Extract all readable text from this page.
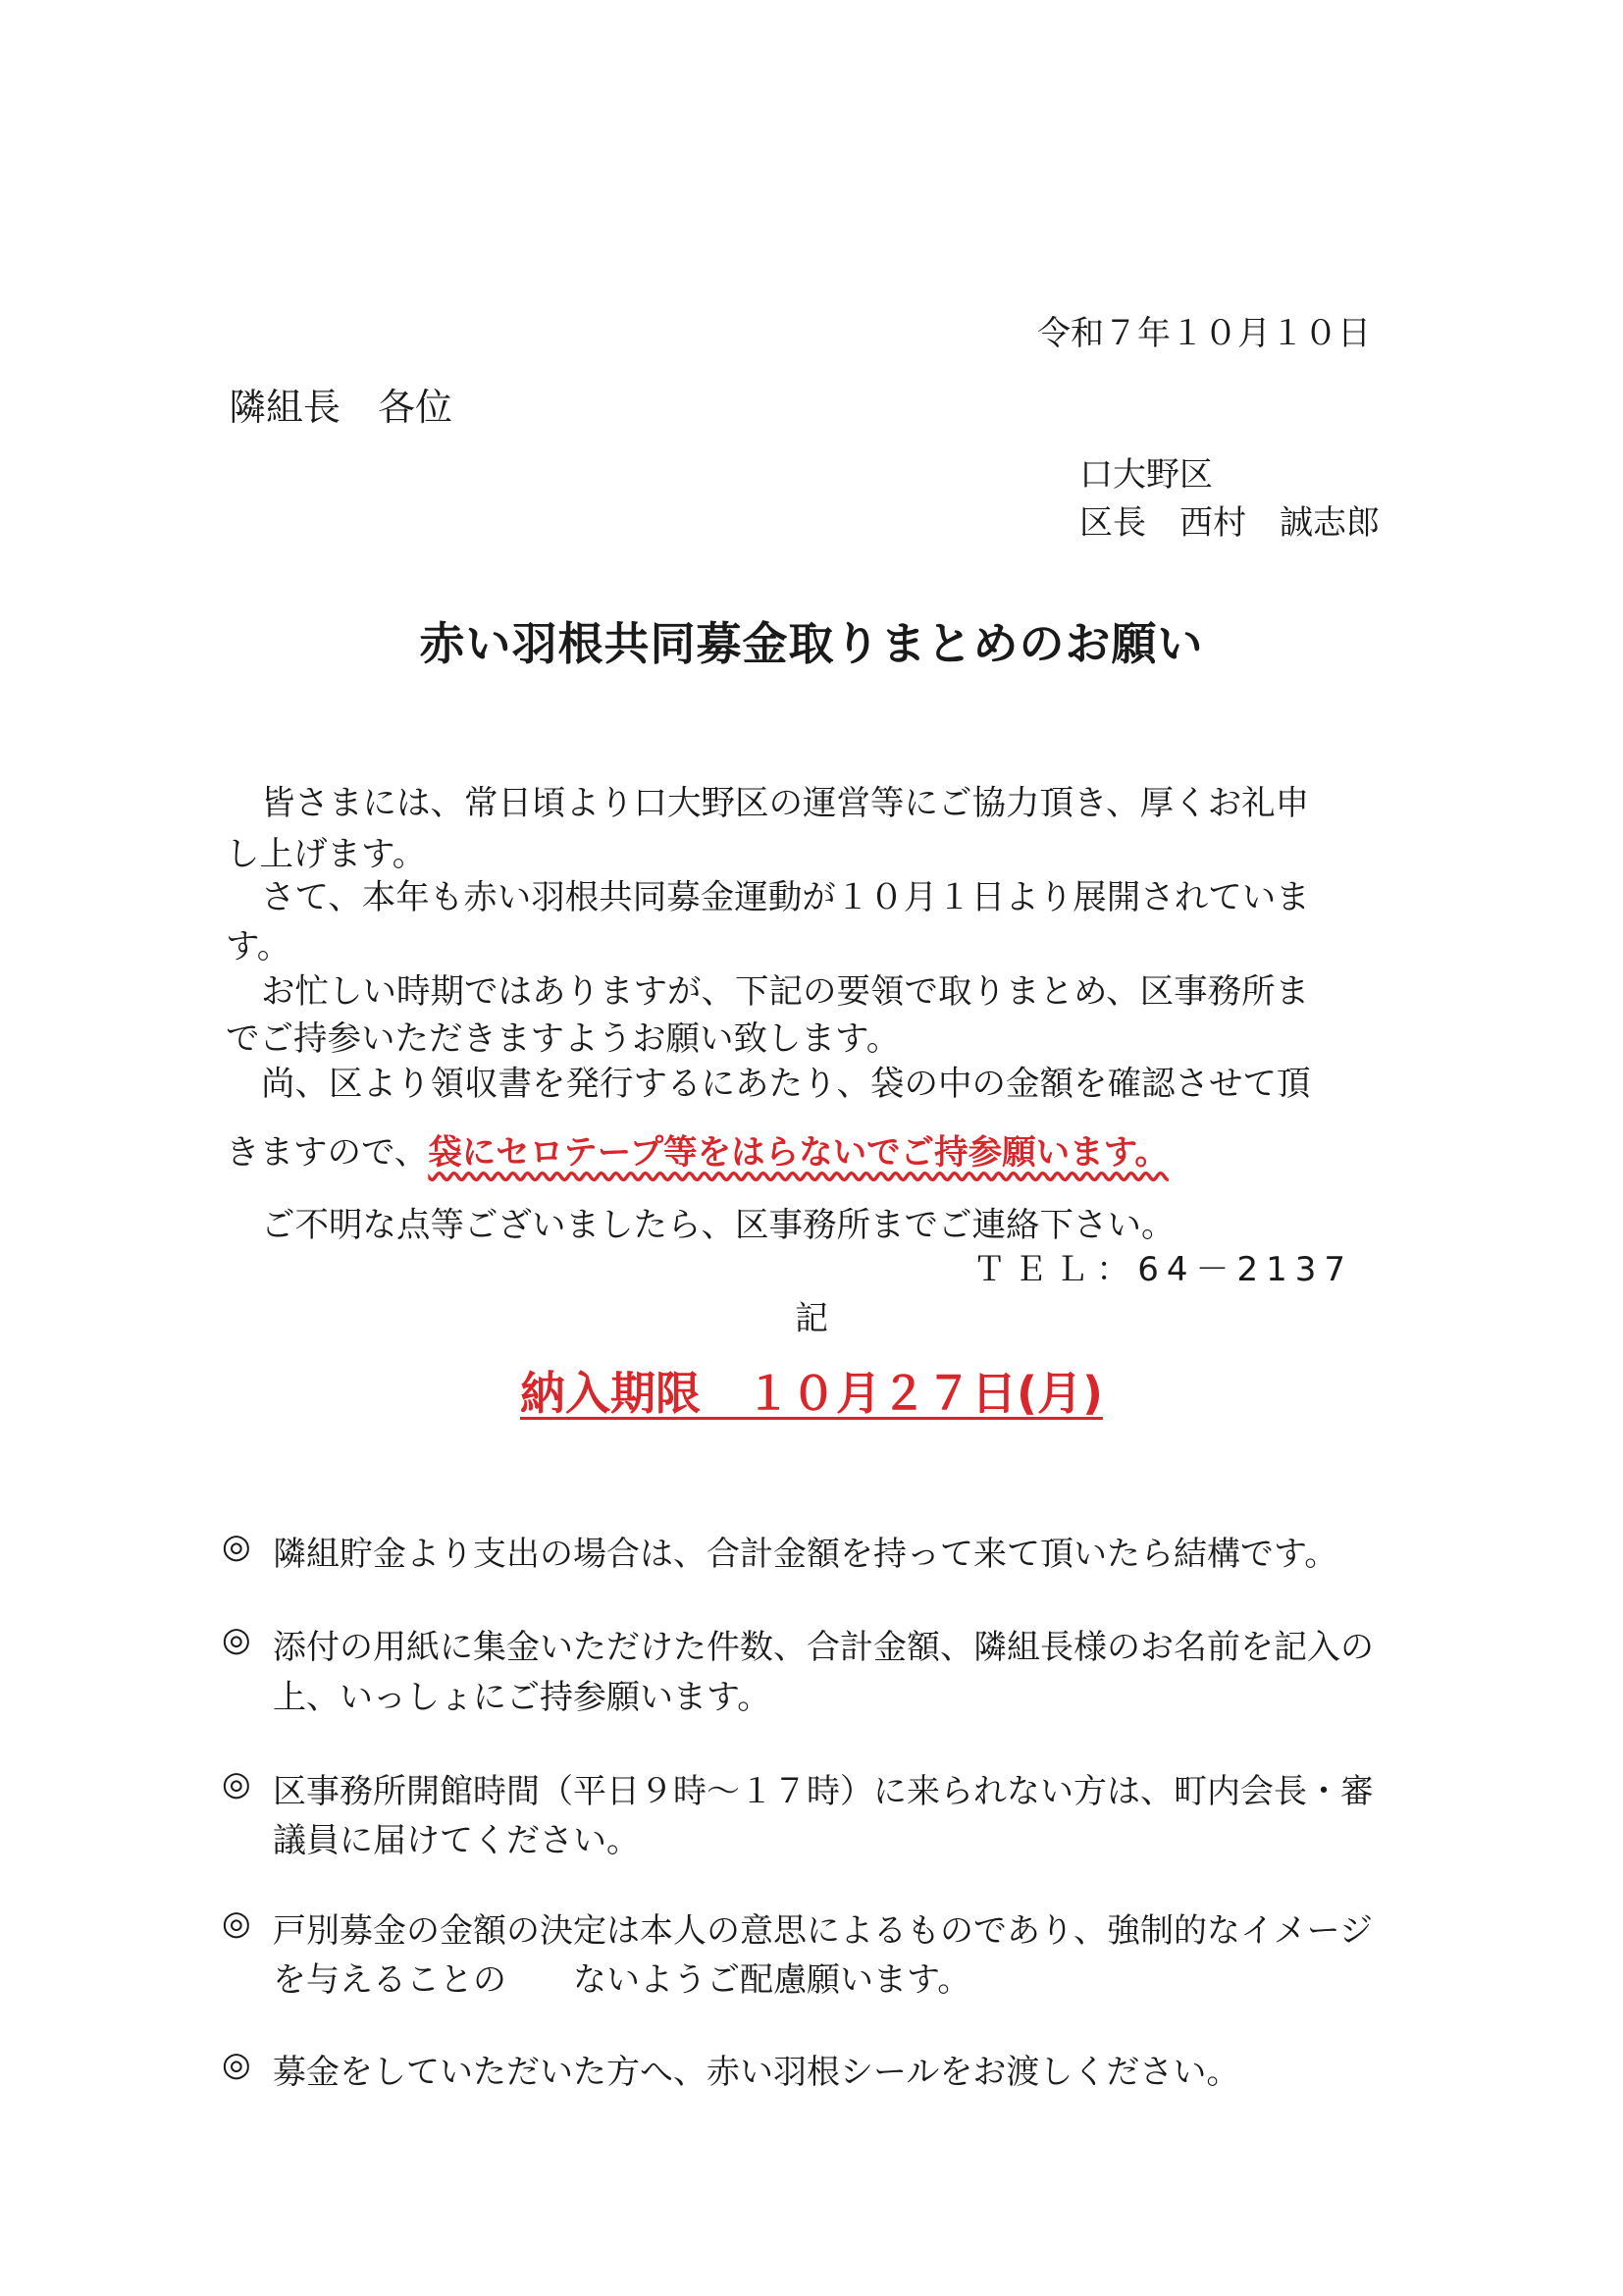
令和７年１０月１０日
隣組長　各位
口大野区
区長　西村　誠志郎
赤い羽根共同募金取りまとめのお願い
皆さまには、常日頃より口大野区の運営等にご協力頂き、厚くお礼申
し上げます。
さて、本年も赤い羽根共同募金運動が１０月１日より展開されていま
す。
お忙しい時期ではありますが、下記の要領で取りまとめ、区事務所ま
でご持参いただきますようお願い致します。
尚、区より領収書を発行するにあたり、袋の中の金額を確認させて頂
きますので、袋にセロテープ等をはらないでご持参願います。
ご不明な点等ございましたら、区事務所までご連絡下さい。
ＴＥＬ：64－2137
記
納入期限　１０月２７日(月)
◎ 隣組貯金より支出の場合は、合計金額を持って来て頂いたら結構です。
◎ 添付の用紙に集金いただけた件数、合計金額、隣組長様のお名前を記入の
上、いっしょにご持参願います。
◎ 区事務所開館時間（平日９時～１７時）に来られない方は、町内会長・審
議員に届けてください。
◎ 戸別募金の金額の決定は本人の意思によるものであり、強制的なイメージ
を与えることの　　ないようご配慮願います。
◎ 募金をしていただいた方へ、赤い羽根シールをお渡しください。
